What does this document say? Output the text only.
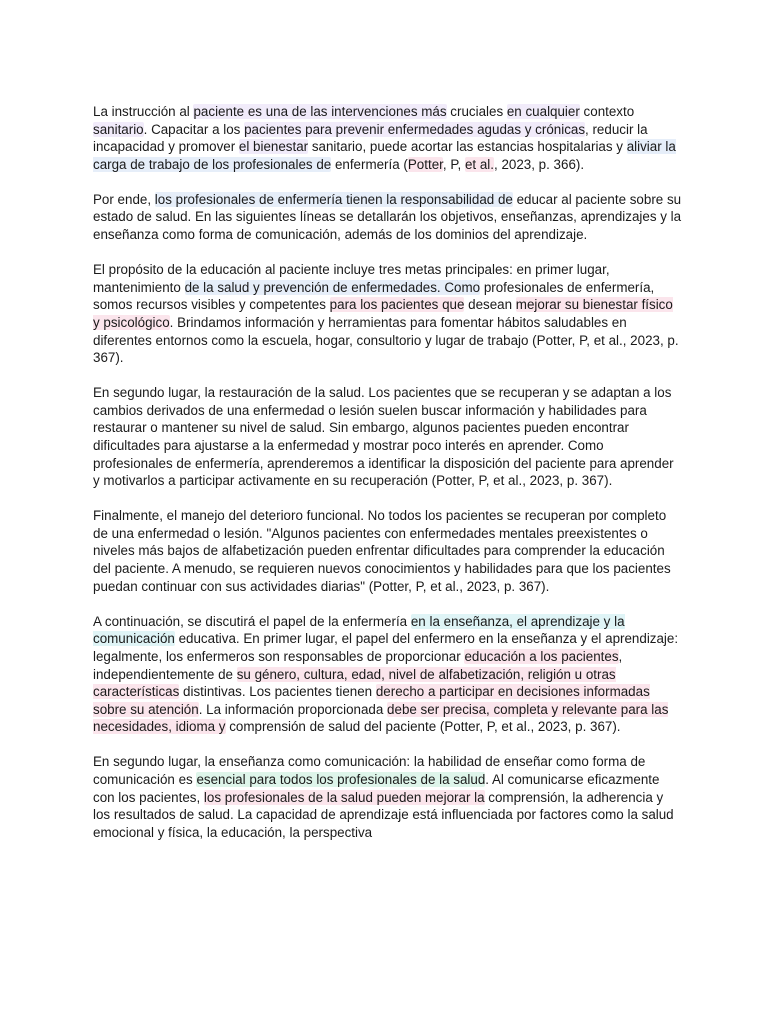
La instrucción al paciente es una de las intervenciones más cruciales en cualquier contexto sanitario. Capacitar a los pacientes para prevenir enfermedades agudas y crónicas, reducir la incapacidad y promover el bienestar sanitario, puede acortar las estancias hospitalarias y aliviar la carga de trabajo de los profesionales de enfermería (Potter, P, et al., 2023, p. 366).

Por ende, los profesionales de enfermería tienen la responsabilidad de educar al paciente sobre su estado de salud. En las siguientes líneas se detallarán los objetivos, enseñanzas, aprendizajes y la enseñanza como forma de comunicación, además de los dominios del aprendizaje.

El propósito de la educación al paciente incluye tres metas principales: en primer lugar, mantenimiento de la salud y prevención de enfermedades. Como profesionales de enfermería, somos recursos visibles y competentes para los pacientes que desean mejorar su bienestar físico y psicológico. Brindamos información y herramientas para fomentar hábitos saludables en diferentes entornos como la escuela, hogar, consultorio y lugar de trabajo (Potter, P, et al., 2023, p. 367).

En segundo lugar, la restauración de la salud. Los pacientes que se recuperan y se adaptan a los cambios derivados de una enfermedad o lesión suelen buscar información y habilidades para restaurar o mantener su nivel de salud. Sin embargo, algunos pacientes pueden encontrar dificultades para ajustarse a la enfermedad y mostrar poco interés en aprender. Como profesionales de enfermería, aprenderemos a identificar la disposición del paciente para aprender y motivarlos a participar activamente en su recuperación (Potter, P, et al., 2023, p. 367).

Finalmente, el manejo del deterioro funcional. No todos los pacientes se recuperan por completo de una enfermedad o lesión. "Algunos pacientes con enfermedades mentales preexistentes o niveles más bajos de alfabetización pueden enfrentar dificultades para comprender la educación del paciente. A menudo, se requieren nuevos conocimientos y habilidades para que los pacientes puedan continuar con sus actividades diarias" (Potter, P, et al., 2023, p. 367).

A continuación, se discutirá el papel de la enfermería en la enseñanza, el aprendizaje y la comunicación educativa. En primer lugar, el papel del enfermero en la enseñanza y el aprendizaje: legalmente, los enfermeros son responsables de proporcionar educación a los pacientes, independientemente de su género, cultura, edad, nivel de alfabetización, religión u otras características distintivas. Los pacientes tienen derecho a participar en decisiones informadas sobre su atención. La información proporcionada debe ser precisa, completa y relevante para las necesidades, idioma y comprensión de salud del paciente (Potter, P, et al., 2023, p. 367).

En segundo lugar, la enseñanza como comunicación: la habilidad de enseñar como forma de comunicación es esencial para todos los profesionales de la salud. Al comunicarse eficazmente con los pacientes, los profesionales de la salud pueden mejorar la comprensión, la adherencia y los resultados de salud. La capacidad de aprendizaje está influenciada por factores como la salud emocional y física, la educación, la perspectiva
